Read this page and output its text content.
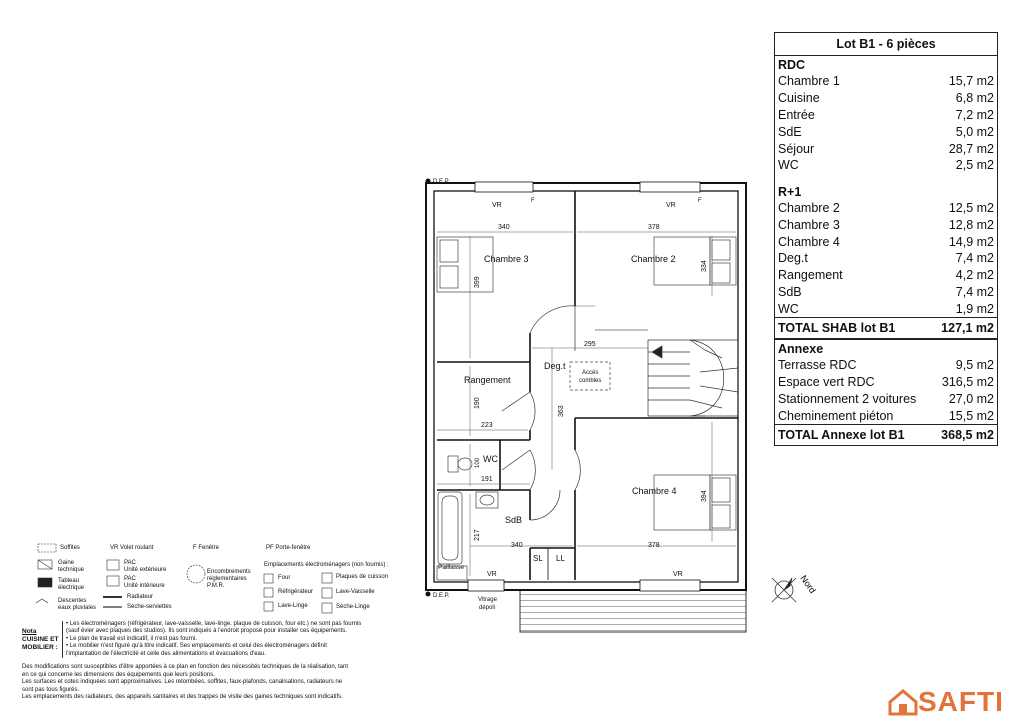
Chambre 3	Chambre 2
Chambre 4
Deg.t
Rangement
WC
SdB
Accès
combles
340	378
399
334
295
190
363
223
100
191
217
340	378
394
VR	VR
VR	VR
F	F
D.E.P.
D.E.P.
Paillasse
SL LL
Vitrage
dépoli
Nord
Lot B1 - 6 pièces
RDC
Chambre 1	15,7 m2
Cuisine	6,8 m2
Entrée	7,2 m2
SdE	5,0 m2
Séjour	28,7 m2
WC	2,5 m2
R+1
Chambre 2	12,5 m2
Chambre 3	12,8 m2
Chambre 4	14,9 m2
Deg.t	7,4 m2
Rangement	4,2 m2
SdB	7,4 m2
WC	1,9 m2
TOTAL SHAB lot B1	127,1 m2
Annexe
Terrasse RDC	9,5 m2
Espace vert RDC	316,5 m2
Stationnement 2 voitures	27,0 m2
Cheminement piéton	15,5 m2
TOTAL Annexe lot B1	368,5 m2
Soffites	VR Volet roulant	F Fenêtre	PF Porte-fenêtre
Gaine
technique
Tableau
électrique
Descentes
eaux pluviales
PAC
Unité extérieure
PAC
Unité intérieure
Radiateur
Sèche-serviettes
Encombrements
réglementaires
P.M.R.
Emplacements électroménagers (non fournis) :
Four
Réfrigérateur
Lave-Linge
Plaques de cuisson
Lave-Vaisselle
Sèche-Linge
Nota
CUISINE ET
MOBILIER :
• Les électroménagers (réfrigérateur, lave-vaisselle, lave-linge, plaque de cuisson, four etc.) ne sont pas fournis
(sauf évier avec plaques des studios). Ils sont indiqués à l'endroit proposé pour installer ces équipements.
• Le plan de travail est indicatif, il n'est pas fourni.
• Le mobilier n'est figuré qu'à titre indicatif. Ses emplacements et celui des électroménagers définit
l'implantation de l'électricité et celle des alimentations et évacuations d'eau.
Des modifications sont susceptibles d'être apportées à ce plan en fonction des nécessités techniques de la réalisation, tant
en ce qui concerne les dimensions des équipements que leurs positions.
Les surfaces et cotes indiquées sont approximatives. Les retombées, soffites, faux-plafonds, canalisations, radiateurs ne
sont pas tous figurés.
Les emplacements des radiateurs, des appareils sanitaires et des trappes de visite des gaines techniques sont indicatifs.	SAFTI
